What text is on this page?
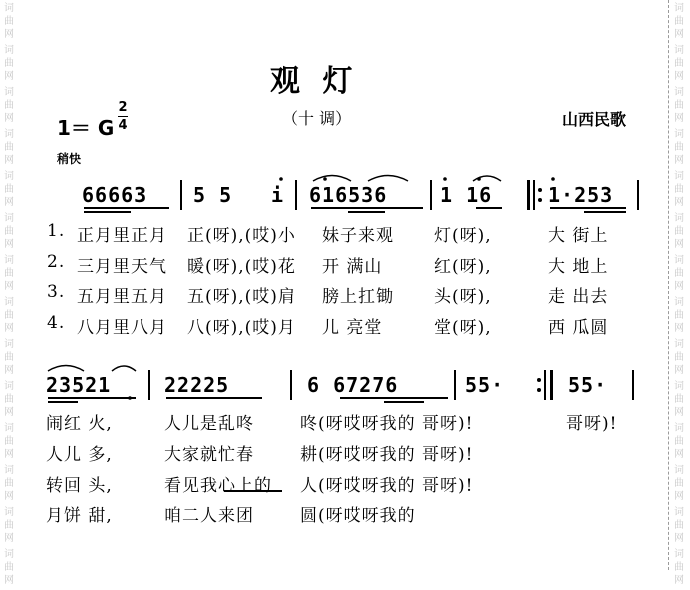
词
曲
网
词
曲
网
词
曲
网
词
曲
网
词
曲
网
词
曲
网
词
曲
网
词
曲
网
词
曲
网
词
曲
网
词
曲
网
词
曲
网
词
曲
网
词
曲
网
词
曲
网
词
曲
网
词
曲
网
词
曲
网
词
曲
网
词
曲
网
词
曲
网
词
曲
网
词
曲
网
词
曲
网
词
曲
网
词
曲
网
词
曲
网
词
曲
网
观 灯
1＝ G
2
4	（十 调）	山西民歌
稍快
66663 5 5 i 616536	1 16	1·253
1. 正月里正月 正(呀),(哎)小 妹子来观 灯(呀),	大 街上
2. 三月里天气 暖(呀),(哎)花 开 满山	红(呀),	大 地上
3. 五月里五月 五(呀),(哎)肩 膀上扛锄 头(呀),	走 出去
4. 八月里八月 八(呀),(哎)月 儿 亮堂	堂(呀),	西 瓜圆
23521	22225	6 67276	55·	55·
闹红 火,	人儿是乱咚	咚(呀哎呀我的 哥呀)!	哥呀)!
人儿 多,	大家就忙春	耕(呀哎呀我的 哥呀)!
转回 头,	看见我心上的 人(呀哎呀我的 哥呀)!
月饼 甜,	咱二人来团	圆(呀哎呀我的
